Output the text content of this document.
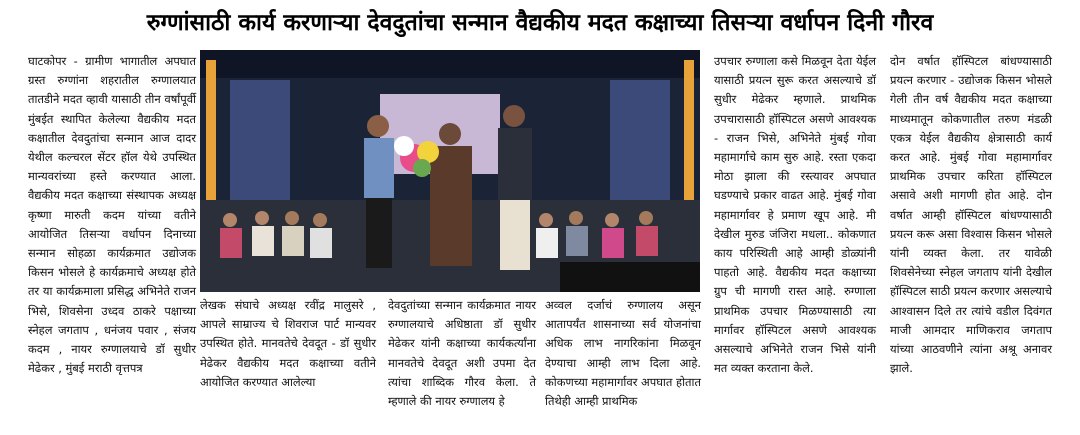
रुग्णांसाठी कार्य करणाऱ्या देवदुतांचा सन्मान वैद्यकीय मदत कक्षाच्या तिसऱ्या वर्धापन दिनी गौरव

घाटकोपर - ग्रामीण भागातील अपघात ग्रस्त रुग्णांना शहरातील रुग्णालयात तातडीने मदत व्हावी यासाठी तीन वर्षांपूर्वी मुंबईत स्थापित केलेल्या वैद्यकीय मदत कक्षातील देवदुतांचा सन्मान आज दादर येथील कल्चरल सेंटर हॉल येथे उपस्थित मान्यवरांच्या हस्ते करण्यात आला. वैद्यकीय मदत कक्षाच्या संस्थापक अध्यक्ष कृष्णा मारुती कदम यांच्या वतीने आयोजित तिसऱ्या वर्धापन दिनाच्या सन्मान सोहळा कार्यक्रमात उद्योजक किसन भोसले हे कार्यक्रमाचे अध्यक्ष होते तर या कार्यक्रमाला प्रसिद्ध अभिनेते राजन भिसे, शिवसेना उध्दव ठाकरे पक्षाच्या स्नेहल जगताप , धनंजय पवार , संजय कदम , नायर रुग्णालयाचे डॉ सुधीर मेढेकर , मुंबई मराठी वृत्तपत्र

लेखक संघाचे अध्यक्ष रवींद्र मालुसरे , आपले साम्राज्य चे शिवराज पार्ट मान्यवर उपस्थित होते. मानवतेचे देवदूत - डॉ सुधीर मेढेकर वैद्यकीय मदत कक्षाच्या वतीने आयोजित करण्यात आलेल्या

देवदुतांच्या सन्मान कार्यक्रमात नायर रुग्णालयाचे अधिष्ठाता डॉ सुधीर मेढेकर यांनी कक्षाच्या कार्यकर्त्यांना मानवतेचे देवदूत अशी उपमा देत त्यांचा शाब्दिक गौरव केला. ते म्हणाले की नायर रुग्णालय हे

अव्वल दर्जाचं रुग्णालय असून आतापर्यंत शासनाच्या सर्व योजनांचा अधिक लाभ नागरिकांना मिळवून देण्याचा आम्ही लाभ दिला आहे. कोकणच्या महामार्गावर अपघात होतात तिथेही आम्ही प्राथमिक

उपचार रुग्णाला कसे मिळवून देता येईल यासाठी प्रयत्न सुरू करत असल्याचे डॉ सुधीर मेढेकर म्हणाले. प्राथमिक उपचारासाठी हॉस्पिटल असणे आवश्यक - राजन भिसे, अभिनेते मुंबई गोवा महामार्गाचे काम सुरु आहे. रस्ता एकदा मोठा झाला की रस्त्यावर अपघात घडण्याचे प्रकार वाढत आहे. मुंबई गोवा महामार्गावर हे प्रमाण खूप आहे. मी देखील मुरुड जंजिरा मधला.. कोकणात काय परिस्थिती आहे आम्ही डोळ्यांनी पाहतो आहे. वैद्यकीय मदत कक्षाच्या ग्रुप ची मागणी रास्त आहे. रुग्णाला प्राथमिक उपचार मिळण्यासाठी त्या मार्गावर हॉस्पिटल असणे आवश्यक असल्याचे अभिनेते राजन भिसे यांनी मत व्यक्त करताना केले.

दोन वर्षात हॉस्पिटल बांधण्यासाठी प्रयत्न करणार - उद्योजक किसन भोसले गेली तीन वर्ष वैद्यकीय मदत कक्षाच्या माध्यमातून कोकणातील तरुण मंडळी एकत्र येईल वैद्यकीय क्षेत्रासाठी कार्य करत आहे. मुंबई गोवा महामार्गावर प्राथमिक उपचार करिता हॉस्पिटल असावे अशी मागणी होत आहे. दोन वर्षात आम्ही हॉस्पिटल बांधण्यासाठी प्रयत्न करू असा विश्वास किसन भोसले यांनी व्यक्त केला. तर यावेळी शिवसेनेच्या स्नेहल जगताप यांनी देखील हॉस्पिटल साठी प्रयत्न करणार असल्याचे आश्वासन दिले तर त्यांचे वडील दिवंगत माजी आमदार माणिकराव जगताप यांच्या आठवणीने त्यांना अश्रू अनावर झाले.
